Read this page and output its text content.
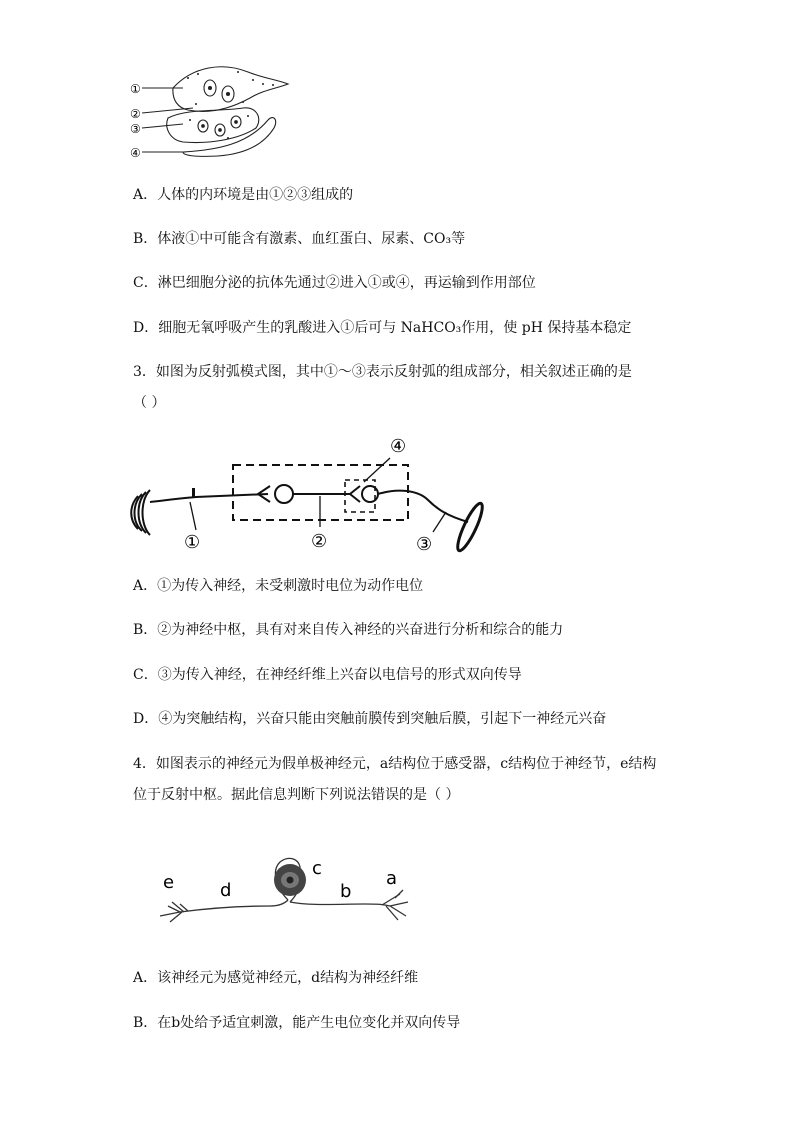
①
②
③
④
A．人体的内环境是由①②③组成的
B．体液①中可能含有激素、血红蛋白、尿素、CO₃等
C．淋巴细胞分泌的抗体先通过②进入①或④，再运输到作用部位
D．细胞无氧呼吸产生的乳酸进入①后可与 NaHCO₃作用，使 pH 保持基本稳定
3．如图为反射弧模式图，其中①～③表示反射弧的组成部分，相关叙述正确的是
（ ）
①	②	③
④
A．①为传入神经，未受刺激时电位为动作电位
B．②为神经中枢，具有对来自传入神经的兴奋进行分析和综合的能力
C．③为传入神经，在神经纤维上兴奋以电信号的形式双向传导
D．④为突触结构，兴奋只能由突触前膜传到突触后膜，引起下一神经元兴奋
4．如图表示的神经元为假单极神经元，a结构位于感受器，c结构位于神经节，e结构
位于反射中枢。据此信息判断下列说法错误的是（ ）
e	d
c
b
a
A．该神经元为感觉神经元，d结构为神经纤维
B．在b处给予适宜刺激，能产生电位变化并双向传导
